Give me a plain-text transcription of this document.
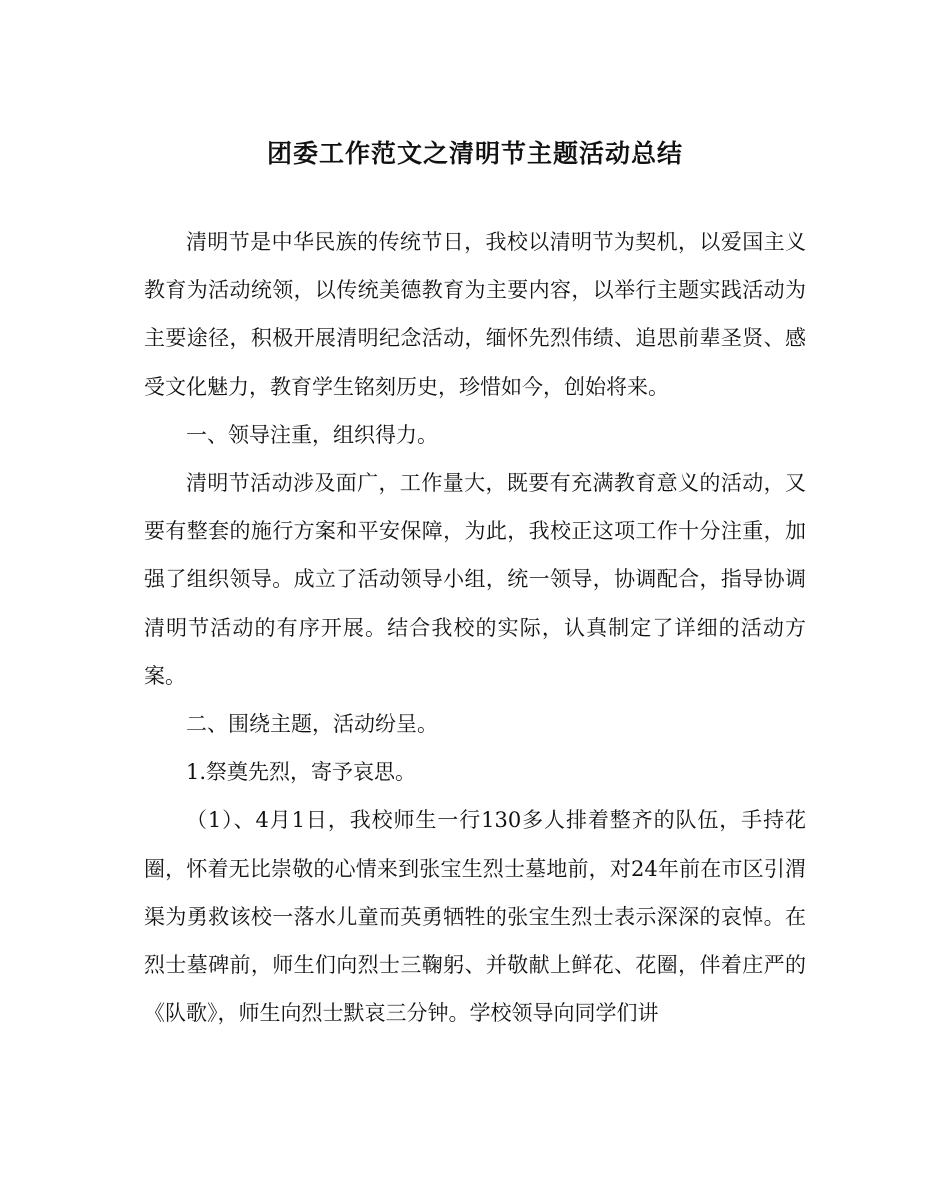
团委工作范文之清明节主题活动总结

清明节是中华民族的传统节日，我校以清明节为契机，以爱国主义教育为活动统领，以传统美德教育为主要内容，以举行主题实践活动为主要途径，积极开展清明纪念活动，缅怀先烈伟绩、追思前辈圣贤、感受文化魅力，教育学生铭刻历史，珍惜如今，创始将来。

一、领导注重，组织得力。

清明节活动涉及面广，工作量大，既要有充满教育意义的活动，又要有整套的施行方案和平安保障，为此，我校正这项工作十分注重，加强了组织领导。成立了活动领导小组，统一领导，协调配合，指导协调清明节活动的有序开展。结合我校的实际，认真制定了详细的活动方案。

二、围绕主题，活动纷呈。

1.祭奠先烈，寄予哀思。

（1）、4月1日，我校师生一行130多人排着整齐的队伍，手持花圈，怀着无比崇敬的心情来到张宝生烈士墓地前，对24年前在市区引渭渠为勇救该校一落水儿童而英勇牺牲的张宝生烈士表示深深的哀悼。在烈士墓碑前，师生们向烈士三鞠躬、并敬献上鲜花、花圈，伴着庄严的《队歌》，师生向烈士默哀三分钟。学校领导向同学们讲
